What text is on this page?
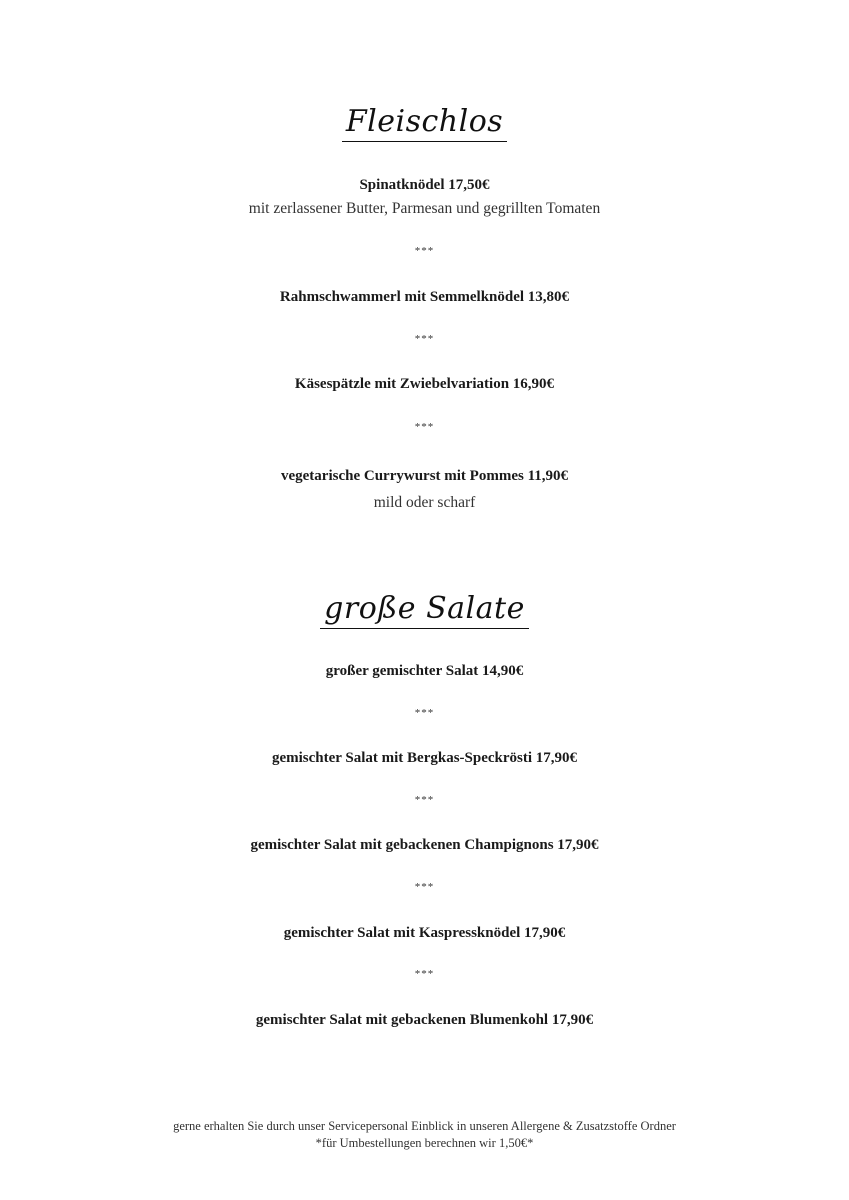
Fleischlos
Spinatknödel 17,50€
mit zerlassener Butter, Parmesan und gegrillten Tomaten
***
Rahmschwammerl mit Semmelknödel 13,80€
***
Käsespätzle mit Zwiebelvariation 16,90€
***
vegetarische Currywurst mit Pommes 11,90€
mild oder scharf
große Salate
großer gemischter Salat 14,90€
***
gemischter Salat mit Bergkas-Speckrösti 17,90€
***
gemischter Salat mit gebackenen Champignons 17,90€
***
gemischter Salat mit Kaspressknödel 17,90€
***
gemischter Salat mit gebackenen Blumenkohl 17,90€
gerne erhalten Sie durch unser Servicepersonal Einblick in unseren Allergene & Zusatzstoffe Ordner
*für Umbestellungen berechnen wir 1,50€*
